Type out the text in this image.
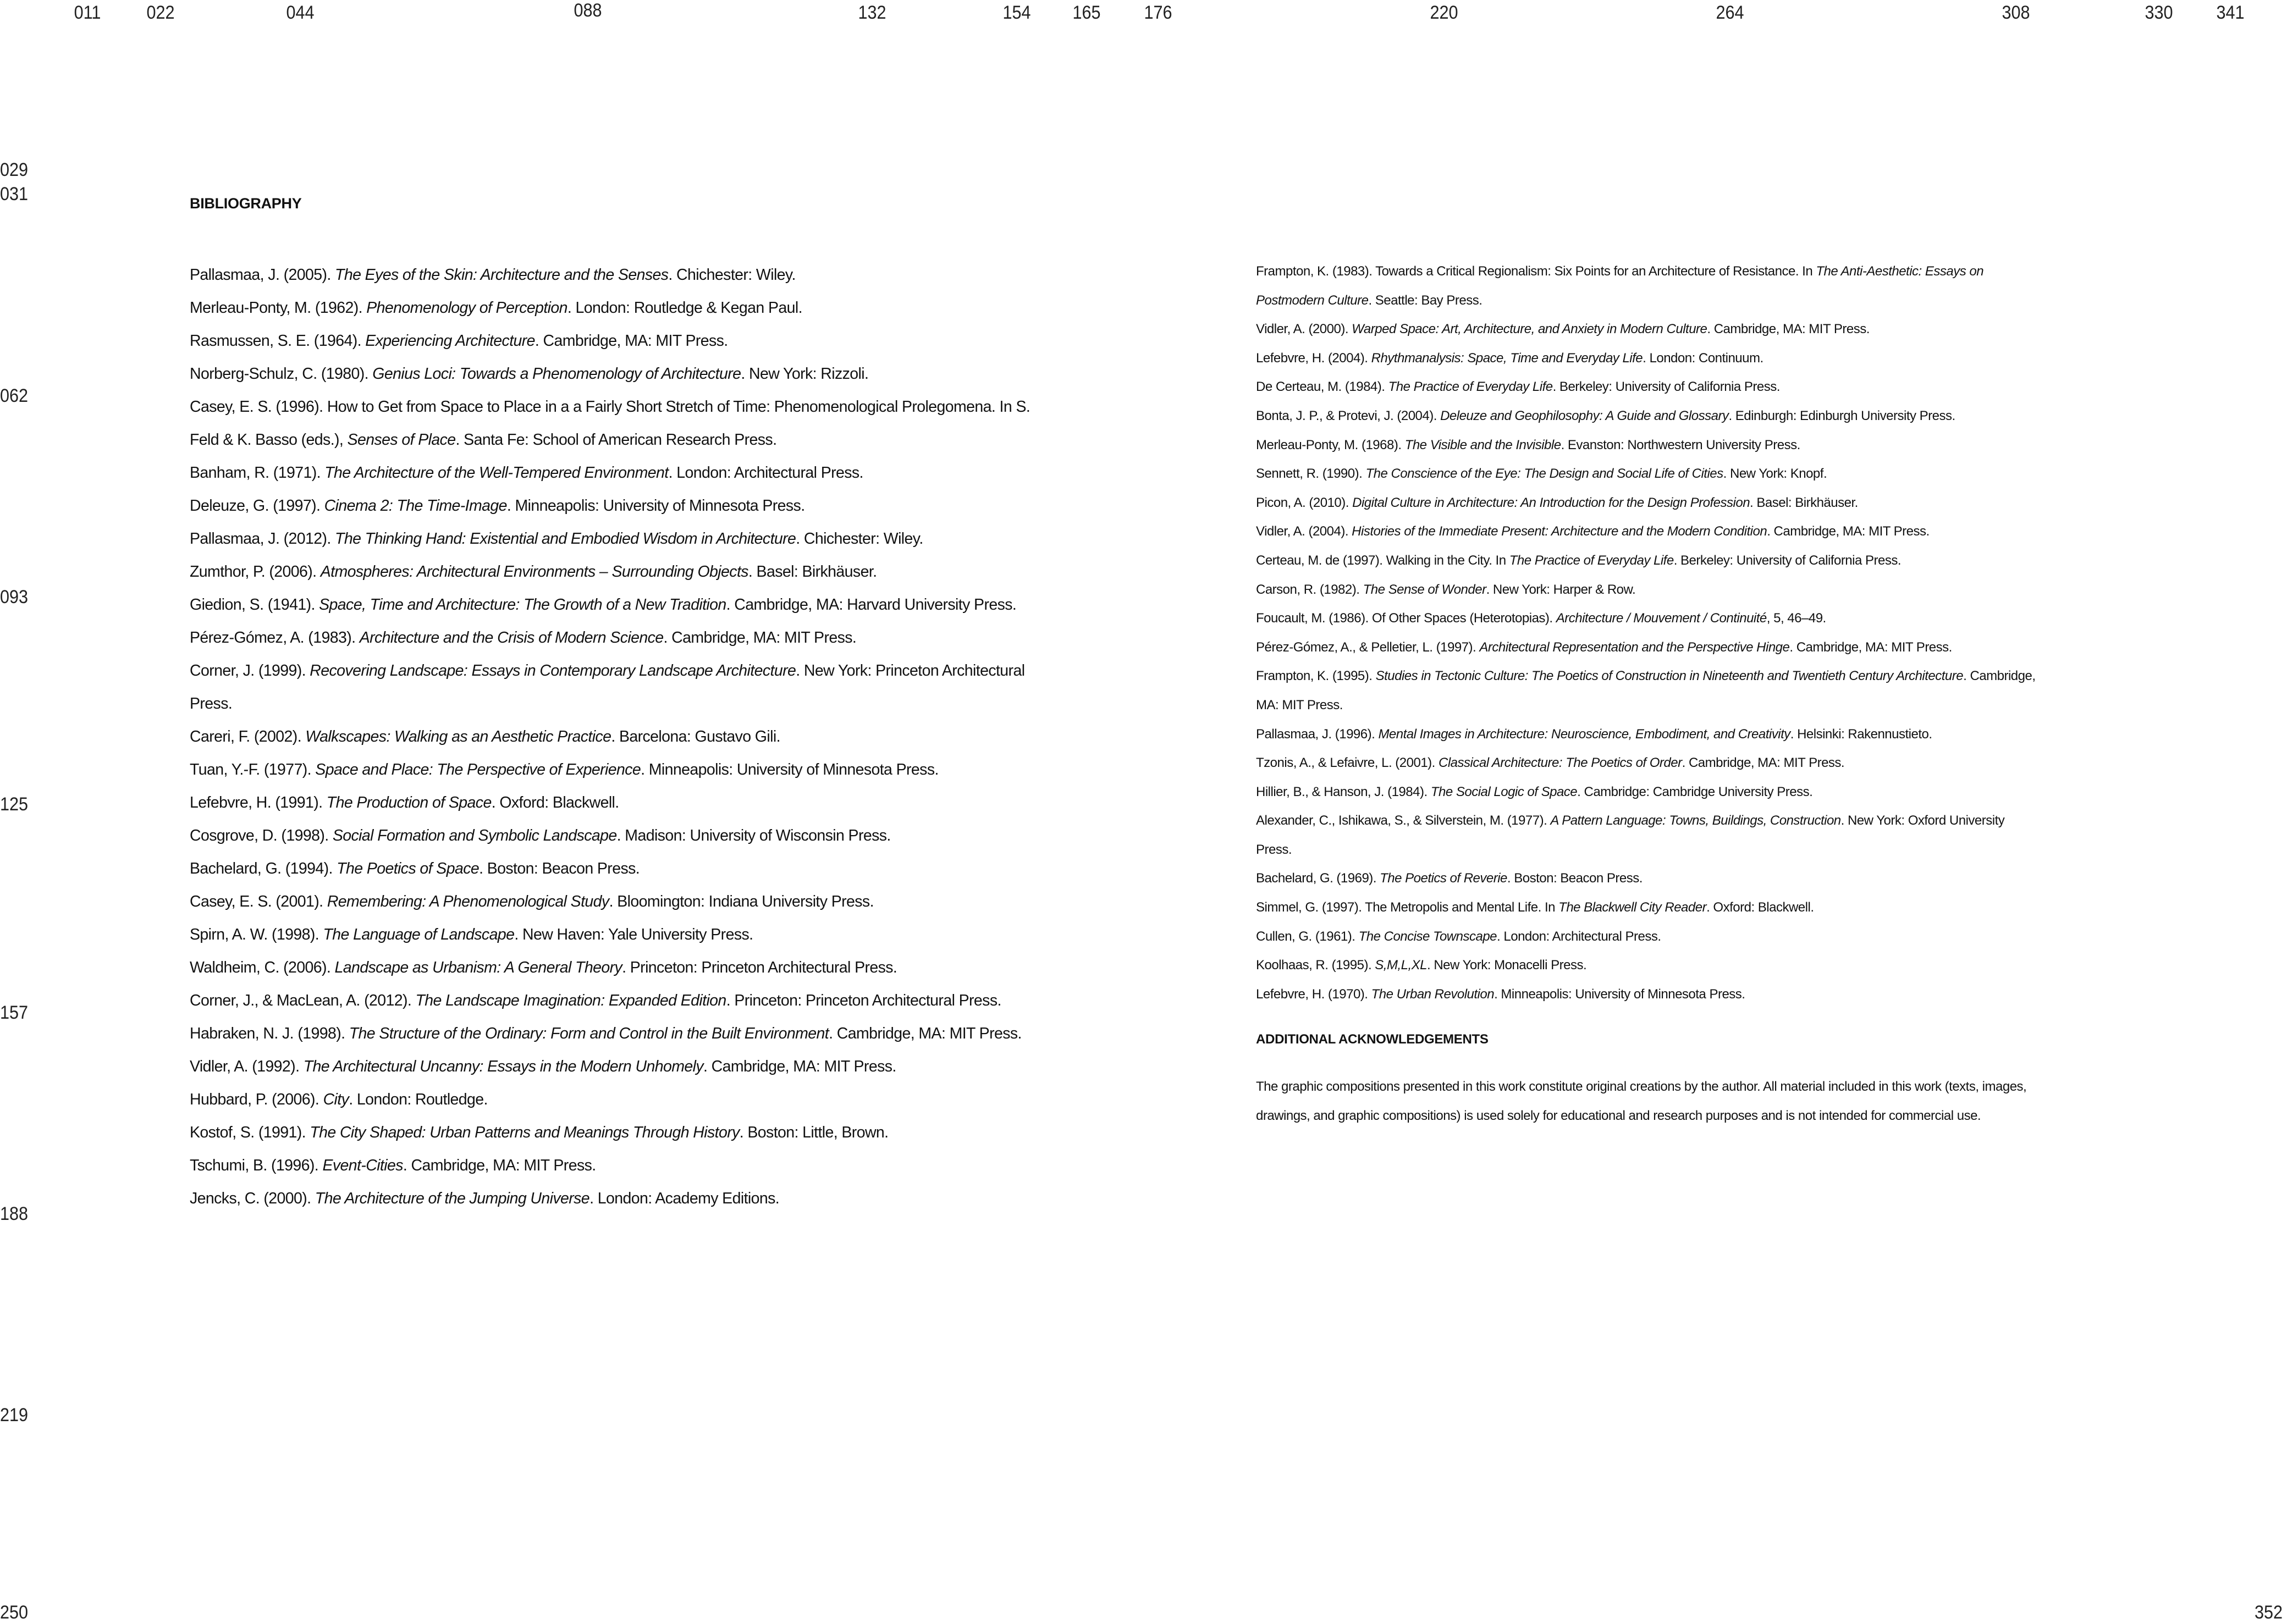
011 022	044	088	132	154 165 176	220	264	308	330 341
029
031
062
093
125
157
188
219
250	352
BIBLIOGRAPHY
Pallasmaa, J. (2005). The Eyes of the Skin: Architecture and the Senses. Chichester: Wiley.
Merleau-Ponty, M. (1962). Phenomenology of Perception. London: Routledge & Kegan Paul.
Rasmussen, S. E. (1964). Experiencing Architecture. Cambridge, MA: MIT Press.
Norberg-Schulz, C. (1980). Genius Loci: Towards a Phenomenology of Architecture. New York: Rizzoli.
Casey, E. S. (1996). How to Get from Space to Place in a a Fairly Short Stretch of Time: Phenomenological Prolegomena. In S. Feld & K. Basso (eds.), Senses of Place. Santa Fe: School of American Research Press.
Banham, R. (1971). The Architecture of the Well-Tempered Environment. London: Architectural Press.
Deleuze, G. (1997). Cinema 2: The Time-Image. Minneapolis: University of Minnesota Press.
Pallasmaa, J. (2012). The Thinking Hand: Existential and Embodied Wisdom in Architecture. Chichester: Wiley.
Zumthor, P. (2006). Atmospheres: Architectural Environments – Surrounding Objects. Basel: Birkhäuser.
Giedion, S. (1941). Space, Time and Architecture: The Growth of a New Tradition. Cambridge, MA: Harvard University Press.
Pérez-Gómez, A. (1983). Architecture and the Crisis of Modern Science. Cambridge, MA: MIT Press.
Corner, J. (1999). Recovering Landscape: Essays in Contemporary Landscape Architecture. New York: Princeton Architectural Press.
Careri, F. (2002). Walkscapes: Walking as an Aesthetic Practice. Barcelona: Gustavo Gili.
Tuan, Y.-F. (1977). Space and Place: The Perspective of Experience. Minneapolis: University of Minnesota Press.
Lefebvre, H. (1991). The Production of Space. Oxford: Blackwell.
Cosgrove, D. (1998). Social Formation and Symbolic Landscape. Madison: University of Wisconsin Press.
Bachelard, G. (1994). The Poetics of Space. Boston: Beacon Press.
Casey, E. S. (2001). Remembering: A Phenomenological Study. Bloomington: Indiana University Press.
Spirn, A. W. (1998). The Language of Landscape. New Haven: Yale University Press.
Waldheim, C. (2006). Landscape as Urbanism: A General Theory. Princeton: Princeton Architectural Press.
Corner, J., & MacLean, A. (2012). The Landscape Imagination: Expanded Edition. Princeton: Princeton Architectural Press.
Habraken, N. J. (1998). The Structure of the Ordinary: Form and Control in the Built Environment. Cambridge, MA: MIT Press.
Vidler, A. (1992). The Architectural Uncanny: Essays in the Modern Unhomely. Cambridge, MA: MIT Press.
Hubbard, P. (2006). City. London: Routledge.
Kostof, S. (1991). The City Shaped: Urban Patterns and Meanings Through History. Boston: Little, Brown.
Tschumi, B. (1996). Event-Cities. Cambridge, MA: MIT Press.
Jencks, C. (2000). The Architecture of the Jumping Universe. London: Academy Editions.
Frampton, K. (1983). Towards a Critical Regionalism: Six Points for an Architecture of Resistance. In The Anti-Aesthetic: Essays on Postmodern Culture. Seattle: Bay Press.
Vidler, A. (2000). Warped Space: Art, Architecture, and Anxiety in Modern Culture. Cambridge, MA: MIT Press.
Lefebvre, H. (2004). Rhythmanalysis: Space, Time and Everyday Life. London: Continuum.
De Certeau, M. (1984). The Practice of Everyday Life. Berkeley: University of California Press.
Bonta, J. P., & Protevi, J. (2004). Deleuze and Geophilosophy: A Guide and Glossary. Edinburgh: Edinburgh University Press.
Merleau-Ponty, M. (1968). The Visible and the Invisible. Evanston: Northwestern University Press.
Sennett, R. (1990). The Conscience of the Eye: The Design and Social Life of Cities. New York: Knopf.
Picon, A. (2010). Digital Culture in Architecture: An Introduction for the Design Profession. Basel: Birkhäuser.
Vidler, A. (2004). Histories of the Immediate Present: Architecture and the Modern Condition. Cambridge, MA: MIT Press.
Certeau, M. de (1997). Walking in the City. In The Practice of Everyday Life. Berkeley: University of California Press.
Carson, R. (1982). The Sense of Wonder. New York: Harper & Row.
Foucault, M. (1986). Of Other Spaces (Heterotopias). Architecture / Mouvement / Continuité, 5, 46–49.
Pérez-Gómez, A., & Pelletier, L. (1997). Architectural Representation and the Perspective Hinge. Cambridge, MA: MIT Press.
Frampton, K. (1995). Studies in Tectonic Culture: The Poetics of Construction in Nineteenth and Twentieth Century Architecture. Cambridge, MA: MIT Press.
Pallasmaa, J. (1996). Mental Images in Architecture: Neuroscience, Embodiment, and Creativity. Helsinki: Rakennustieto.
Tzonis, A., & Lefaivre, L. (2001). Classical Architecture: The Poetics of Order. Cambridge, MA: MIT Press.
Hillier, B., & Hanson, J. (1984). The Social Logic of Space. Cambridge: Cambridge University Press.
Alexander, C., Ishikawa, S., & Silverstein, M. (1977). A Pattern Language: Towns, Buildings, Construction. New York: Oxford University Press.
Bachelard, G. (1969). The Poetics of Reverie. Boston: Beacon Press.
Simmel, G. (1997). The Metropolis and Mental Life. In The Blackwell City Reader. Oxford: Blackwell.
Cullen, G. (1961). The Concise Townscape. London: Architectural Press.
Koolhaas, R. (1995). S,M,L,XL. New York: Monacelli Press.
Lefebvre, H. (1970). The Urban Revolution. Minneapolis: University of Minnesota Press.
ADDITIONAL ACKNOWLEDGEMENTS
The graphic compositions presented in this work constitute original creations by the author. All material included in this work (texts, images, drawings, and graphic compositions) is used solely for educational and research purposes and is not intended for commercial use.
